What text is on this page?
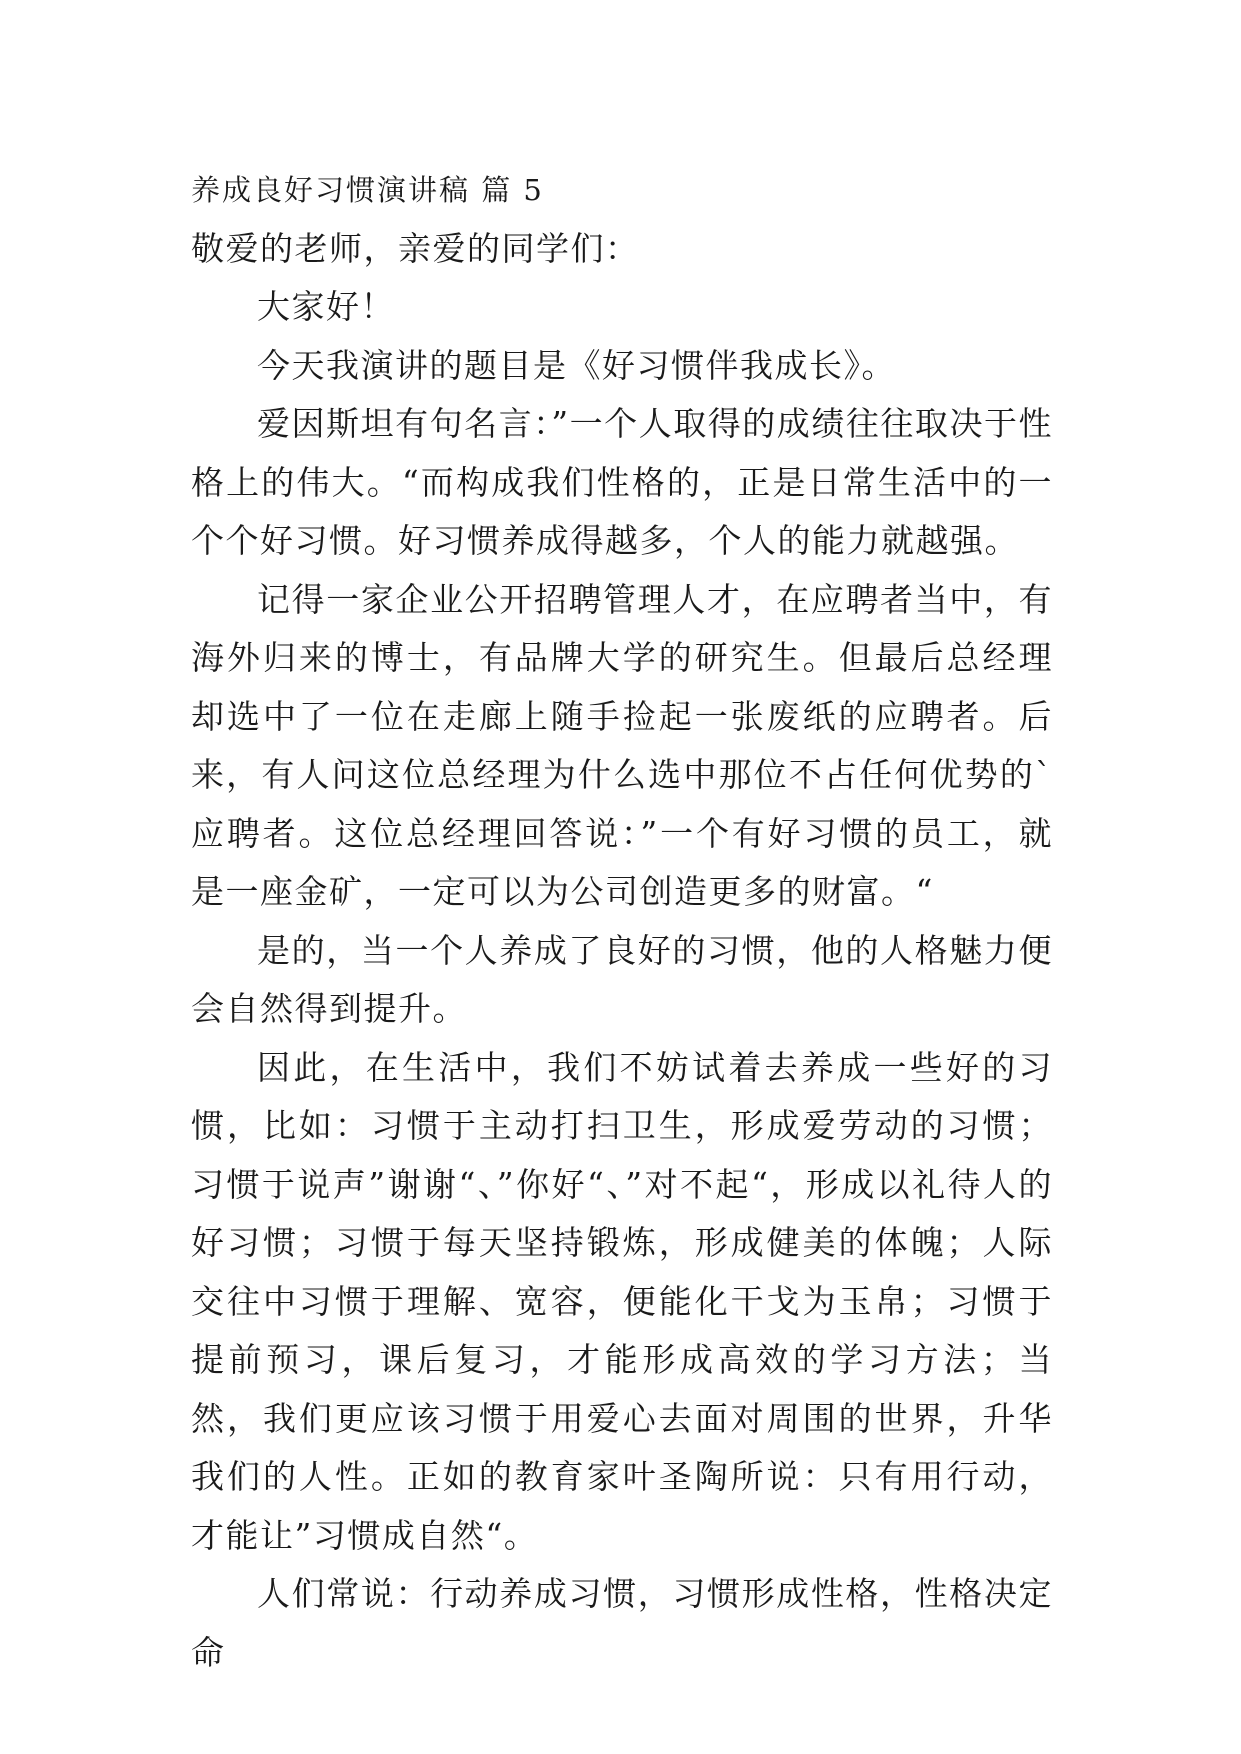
养成良好习惯演讲稿 篇 5

敬爱的老师，亲爱的同学们：

大家好！

今天我演讲的题目是《好习惯伴我成长》。

爱因斯坦有句名言：”一个人取得的成绩往往取决于性格上的伟大。“而构成我们性格的，正是日常生活中的一个个好习惯。好习惯养成得越多，个人的能力就越强。

记得一家企业公开招聘管理人才，在应聘者当中，有海外归来的博士，有品牌大学的研究生。但最后总经理却选中了一位在走廊上随手捡起一张废纸的应聘者。后来，有人问这位总经理为什么选中那位不占任何优势的`应聘者。这位总经理回答说：”一个有好习惯的员工，就是一座金矿，一定可以为公司创造更多的财富。“

是的，当一个人养成了良好的习惯，他的人格魅力便会自然得到提升。

因此，在生活中，我们不妨试着去养成一些好的习惯，比如：习惯于主动打扫卫生，形成爱劳动的习惯；习惯于说声”谢谢“、”你好“、”对不起“，形成以礼待人的好习惯；习惯于每天坚持锻炼，形成健美的体魄；人际交往中习惯于理解、宽容，便能化干戈为玉帛；习惯于提前预习，课后复习，才能形成高效的学习方法；当然，我们更应该习惯于用爱心去面对周围的世界，升华我们的人性。正如的教育家叶圣陶所说：只有用行动，才能让”习惯成自然“。

人们常说：行动养成习惯，习惯形成性格，性格决定命
